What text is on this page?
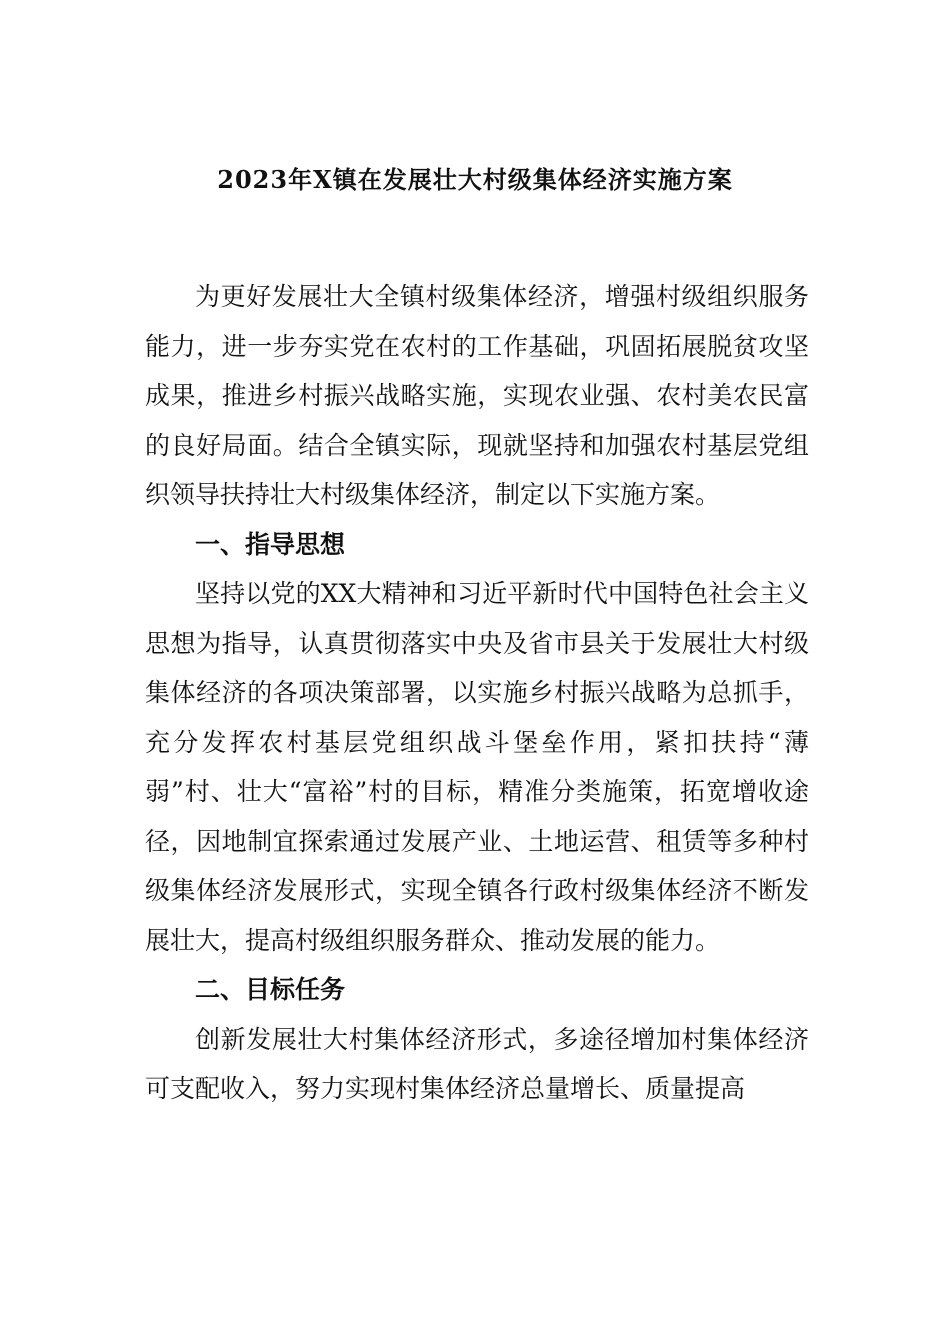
2023年X镇在发展壮大村级集体经济实施方案

为更好发展壮大全镇村级集体经济，增强村级组织服务能力，进一步夯实党在农村的工作基础，巩固拓展脱贫攻坚成果，推进乡村振兴战略实施，实现农业强、农村美农民富的良好局面。结合全镇实际，现就坚持和加强农村基层党组织领导扶持壮大村级集体经济，制定以下实施方案。

一、指导思想

坚持以党的XX大精神和习近平新时代中国特色社会主义思想为指导，认真贯彻落实中央及省市县关于发展壮大村级集体经济的各项决策部署，以实施乡村振兴战略为总抓手，充分发挥农村基层党组织战斗堡垒作用，紧扣扶持“薄弱”村、壮大“富裕”村的目标，精准分类施策，拓宽增收途径，因地制宜探索通过发展产业、土地运营、租赁等多种村级集体经济发展形式，实现全镇各行政村级集体经济不断发展壮大，提高村级组织服务群众、推动发展的能力。

二、目标任务

创新发展壮大村集体经济形式，多途径增加村集体经济可支配收入，努力实现村集体经济总量增长、质量提高
